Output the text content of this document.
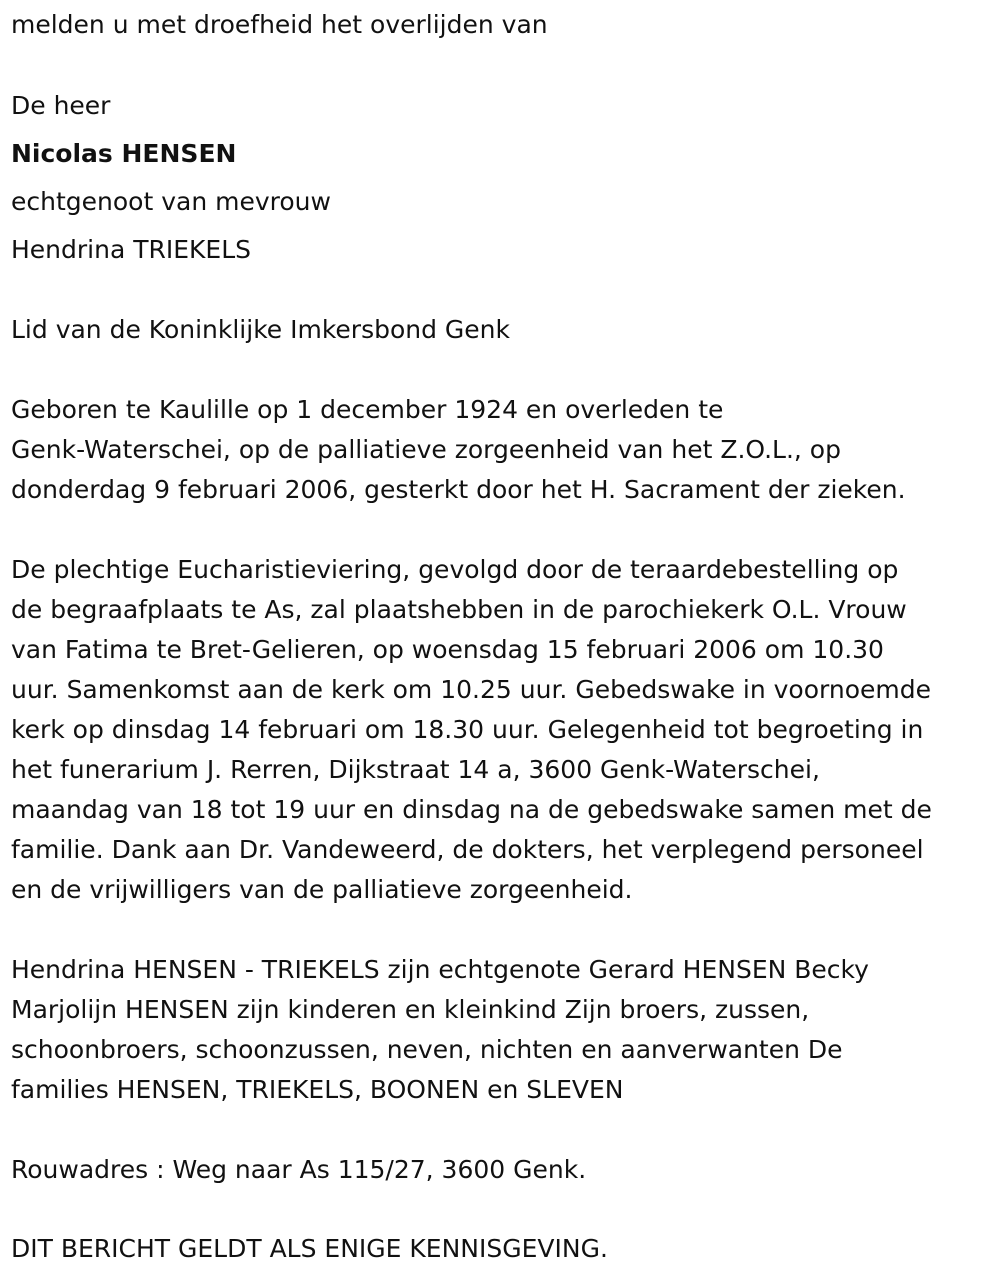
melden u met droefheid het overlijden van
De heer
Nicolas HENSEN
echtgenoot van mevrouw
Hendrina TRIEKELS
Lid van de Koninklijke Imkersbond Genk
Geboren te Kaulille op 1 december 1924 en overleden te
Genk-Waterschei, op de palliatieve zorgeenheid van het Z.O.L., op
donderdag 9 februari 2006, gesterkt door het H. Sacrament der zieken.
De plechtige Eucharistieviering, gevolgd door de teraardebestelling op
de begraafplaats te As, zal plaatshebben in de parochiekerk O.L. Vrouw
van Fatima te Bret-Gelieren, op woensdag 15 februari 2006 om 10.30
uur. Samenkomst aan de kerk om 10.25 uur. Gebedswake in voornoemde
kerk op dinsdag 14 februari om 18.30 uur. Gelegenheid tot begroeting in
het funerarium J. Rerren, Dijkstraat 14 a, 3600 Genk-Waterschei,
maandag van 18 tot 19 uur en dinsdag na de gebedswake samen met de
familie. Dank aan Dr. Vandeweerd, de dokters, het verplegend personeel
en de vrijwilligers van de palliatieve zorgeenheid.
Hendrina HENSEN - TRIEKELS zijn echtgenote Gerard HENSEN Becky
Marjolijn HENSEN zijn kinderen en kleinkind Zijn broers, zussen,
schoonbroers, schoonzussen, neven, nichten en aanverwanten De
families HENSEN, TRIEKELS, BOONEN en SLEVEN
Rouwadres : Weg naar As 115/27, 3600 Genk.
DIT BERICHT GELDT ALS ENIGE KENNISGEVING.
